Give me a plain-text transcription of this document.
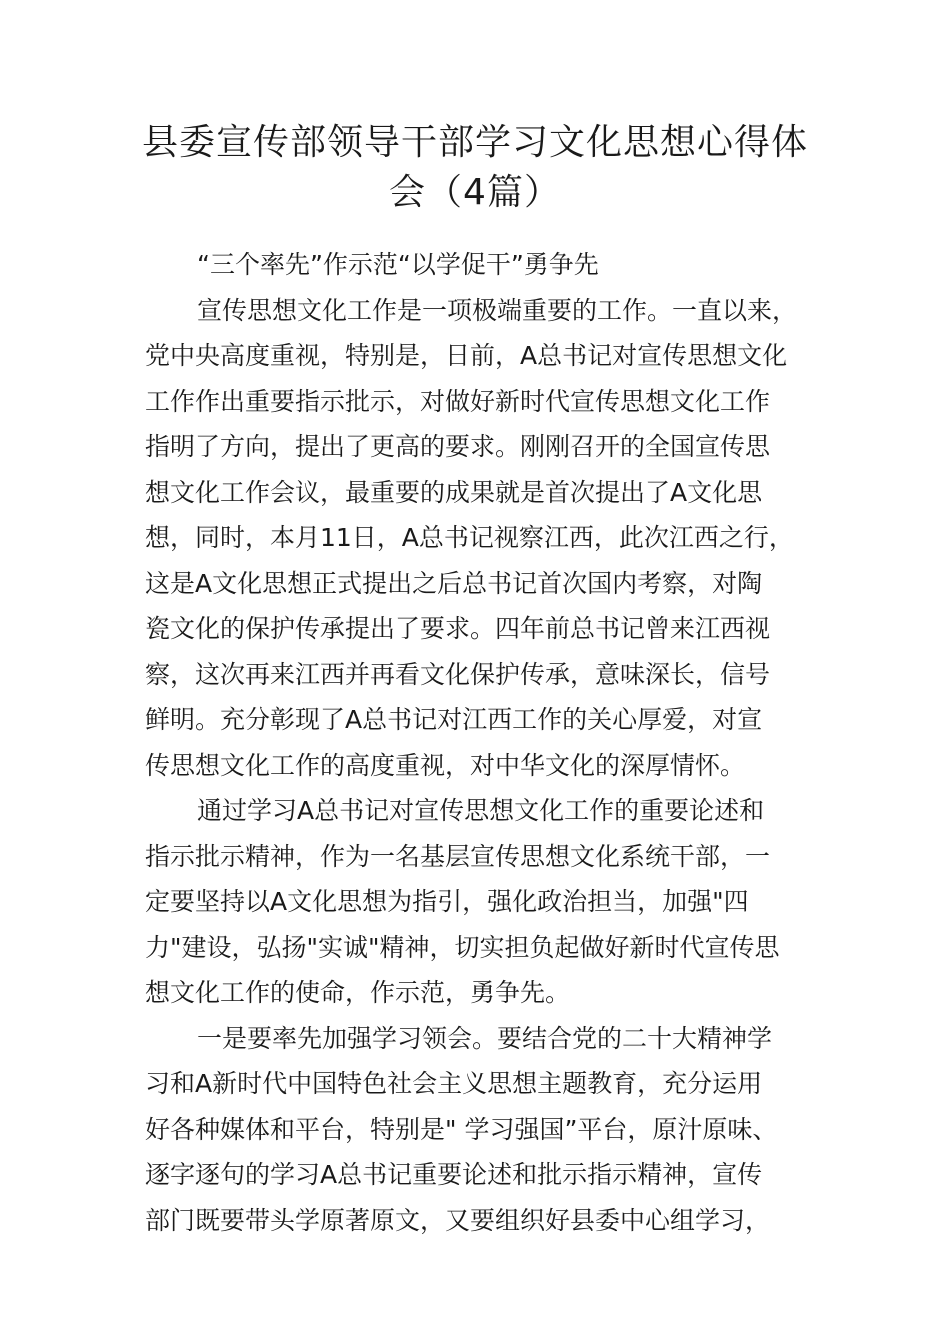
县委宣传部领导干部学习文化思想心得体
会（4篇）
“三个率先”作示范“以学促干”勇争先
宣传思想文化工作是一项极端重要的工作。一直以来，
党中央高度重视，特别是，日前，A总书记对宣传思想文化
工作作出重要指示批示，对做好新时代宣传思想文化工作
指明了方向，提出了更高的要求。刚刚召开的全国宣传思
想文化工作会议，最重要的成果就是首次提出了A文化思
想，同时，本月11日，A总书记视察江西，此次江西之行，
这是A文化思想正式提出之后总书记首次国内考察，对陶
瓷文化的保护传承提出了要求。四年前总书记曾来江西视
察，这次再来江西并再看文化保护传承，意味深长，信号
鲜明。充分彰现了A总书记对江西工作的关心厚爱，对宣
传思想文化工作的高度重视，对中华文化的深厚情怀。
通过学习A总书记对宣传思想文化工作的重要论述和
指示批示精神，作为一名基层宣传思想文化系统干部，一
定要坚持以A文化思想为指引，强化政治担当，加强"四
力"建设，弘扬"实诚"精神，切实担负起做好新时代宣传思
想文化工作的使命，作示范，勇争先。
一是要率先加强学习领会。要结合党的二十大精神学
习和A新时代中国特色社会主义思想主题教育，充分运用
好各种媒体和平台，特别是" 学习强国”平台，原汁原味、
逐字逐句的学习A总书记重要论述和批示指示精神，宣传
部门既要带头学原著原文，又要组织好县委中心组学习，
